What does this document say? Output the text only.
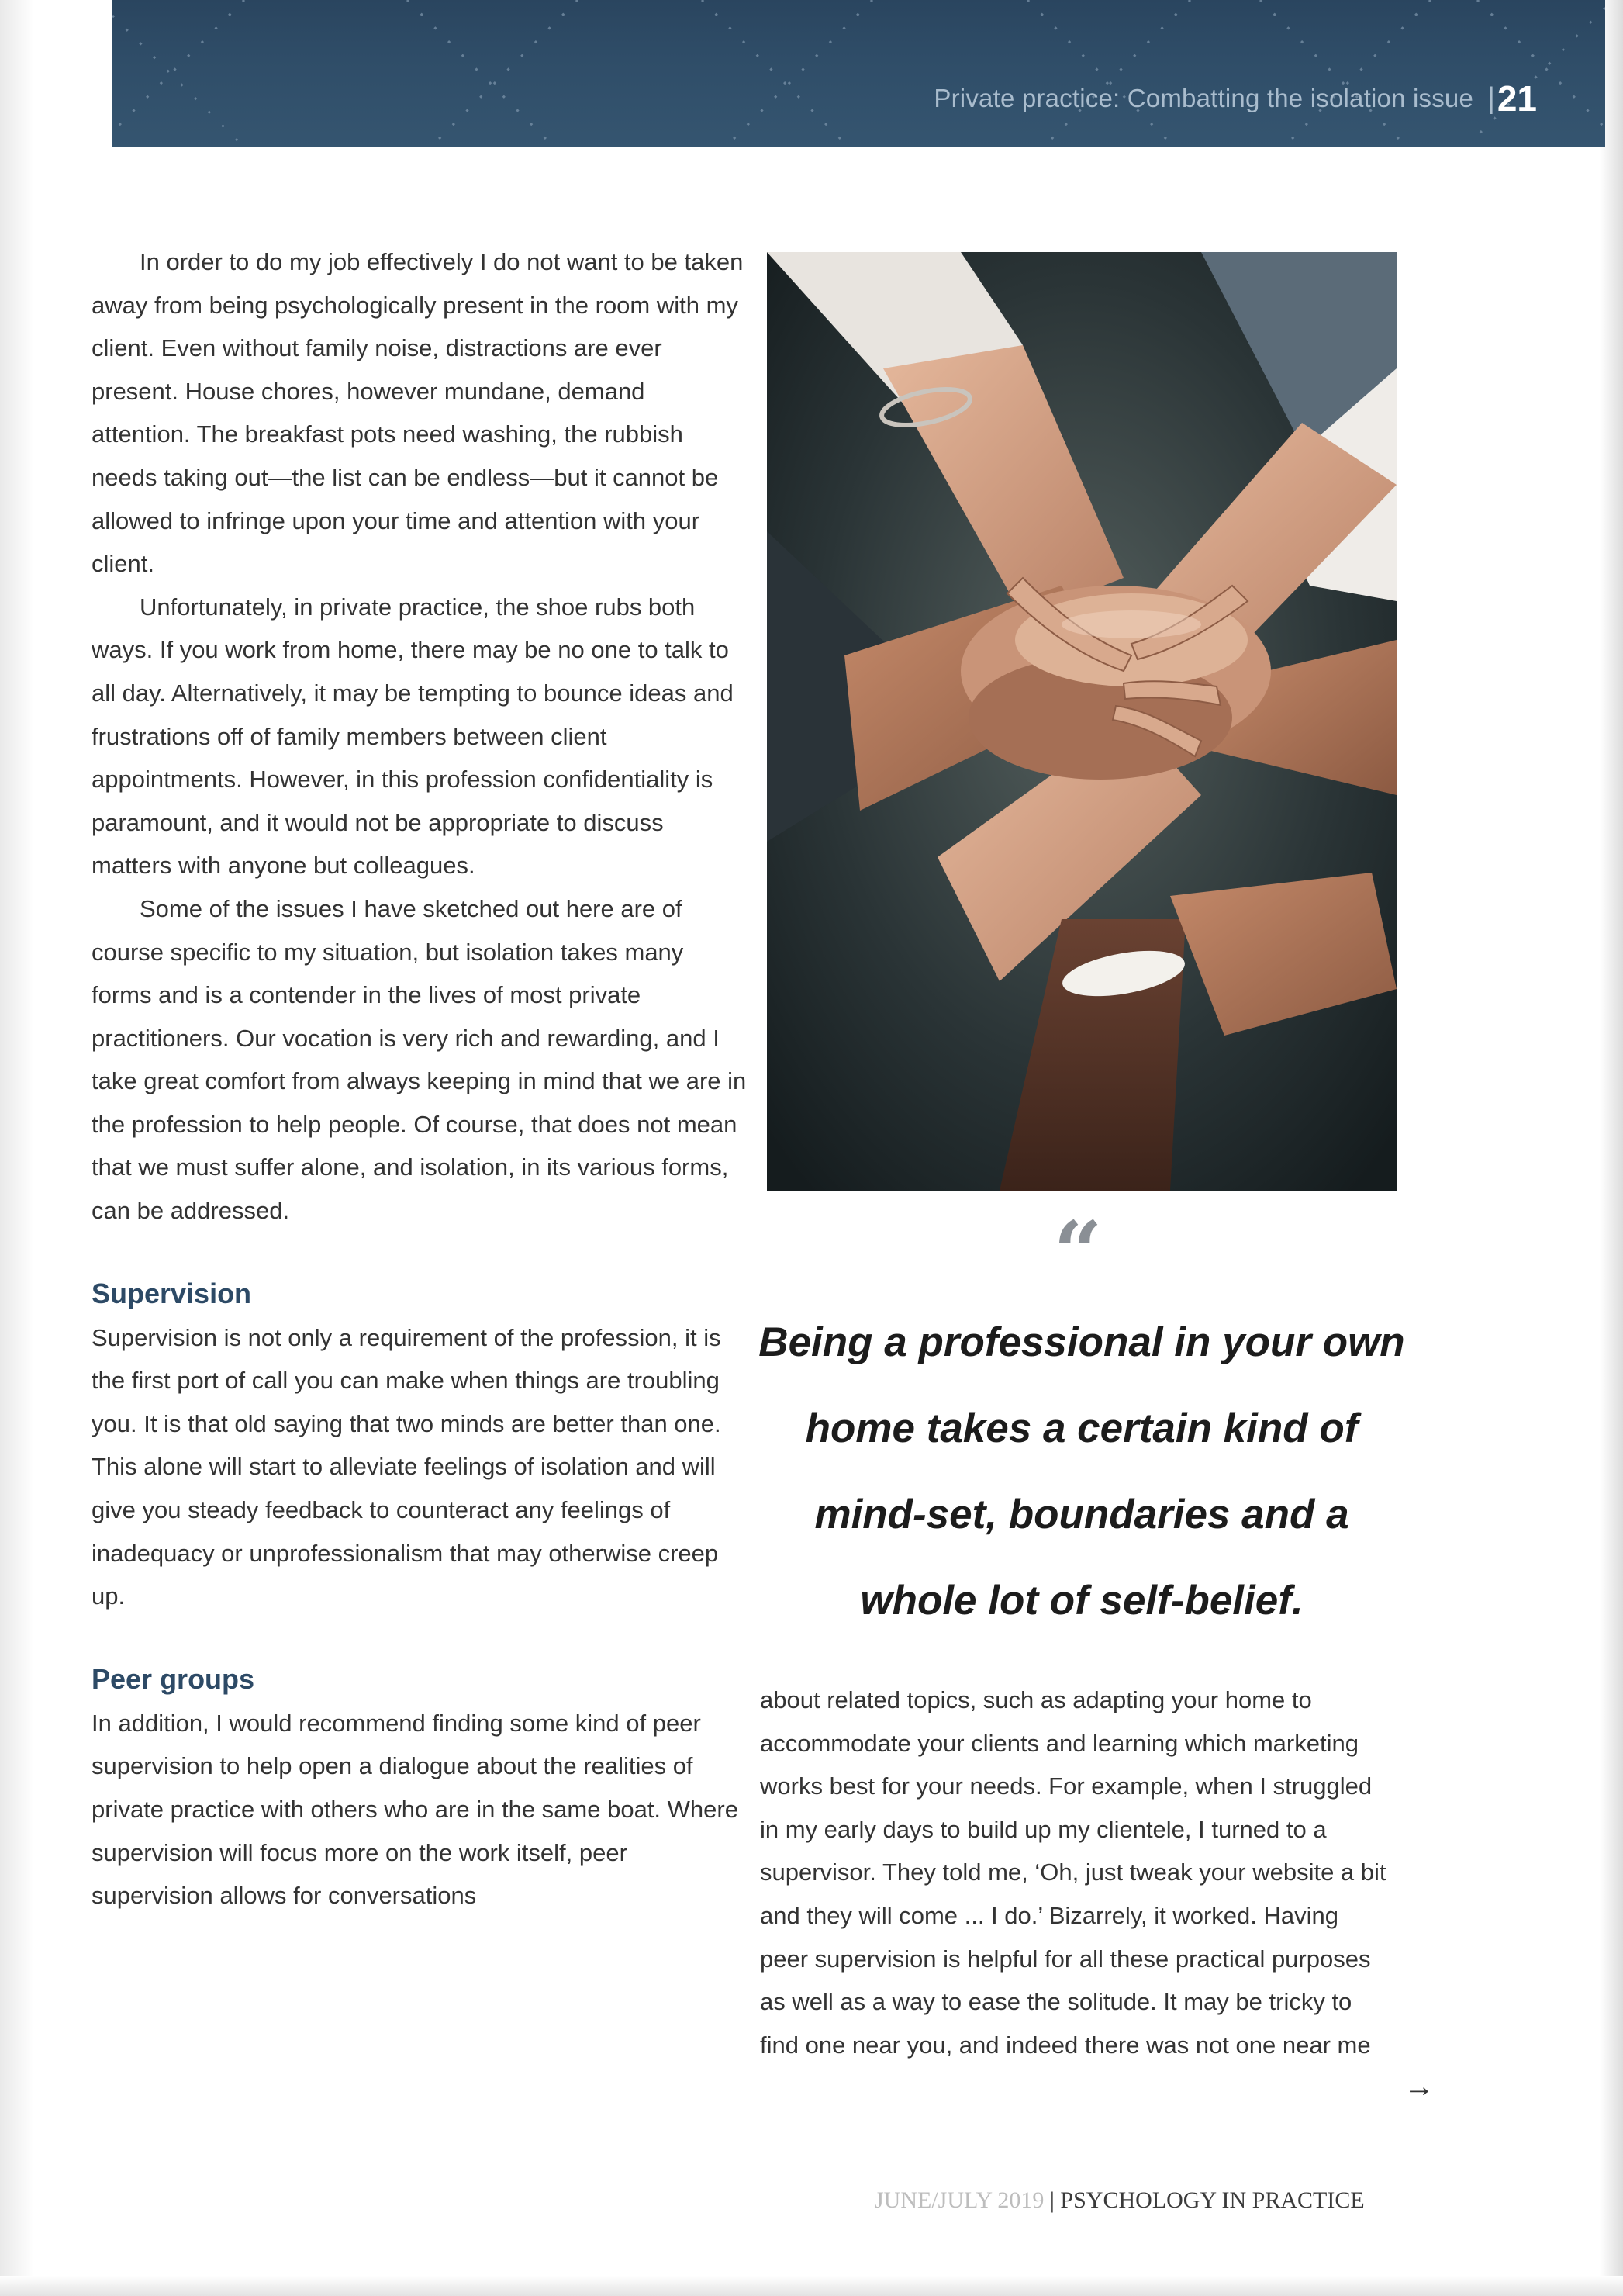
Private practice: Combatting the isolation issue | 21

In order to do my job effectively I do not want to be taken away from being psychologically present in the room with my client. Even without family noise, distractions are ever present. House chores, however mundane, demand attention. The breakfast pots need washing, the rubbish needs taking out—the list can be endless—but it cannot be allowed to infringe upon your time and attention with your client.

Unfortunately, in private practice, the shoe rubs both ways. If you work from home, there may be no one to talk to all day. Alternatively, it may be tempting to bounce ideas and frustrations off of family members between client appointments. However, in this profession confidentiality is paramount, and it would not be appropriate to discuss matters with anyone but colleagues.

Some of the issues I have sketched out here are of course specific to my situation, but isolation takes many forms and is a contender in the lives of most private practitioners. Our vocation is very rich and rewarding, and I take great comfort from always keeping in mind that we are in the profession to help people. Of course, that does not mean that we must suffer alone, and isolation, in its various forms, can be addressed.

Supervision

Supervision is not only a requirement of the profession, it is the first port of call you can make when things are troubling you. It is that old saying that two minds are better than one. This alone will start to alleviate feelings of isolation and will give you steady feedback to counteract any feelings of inadequacy or unprofessionalism that may otherwise creep up.

Peer groups

In addition, I would recommend finding some kind of peer supervision to help open a dialogue about the realities of private practice with others who are in the same boat. Where supervision will focus more on the work itself, peer supervision allows for conversations

“
Being a professional in your own home takes a certain kind of mind-set, boundaries and a whole lot of self-belief.

about related topics, such as adapting your home to accommodate your clients and learning which marketing works best for your needs. For example, when I struggled in my early days to build up my clientele, I turned to a supervisor. They told me, ‘Oh, just tweak your website a bit and they will come ... I do.’ Bizarrely, it worked. Having peer supervision is helpful for all these practical purposes as well as a way to ease the solitude. It may be tricky to find one near you, and indeed there was not one near me

→
JUNE/JULY 2019 | PSYCHOLOGY IN PRACTICE
